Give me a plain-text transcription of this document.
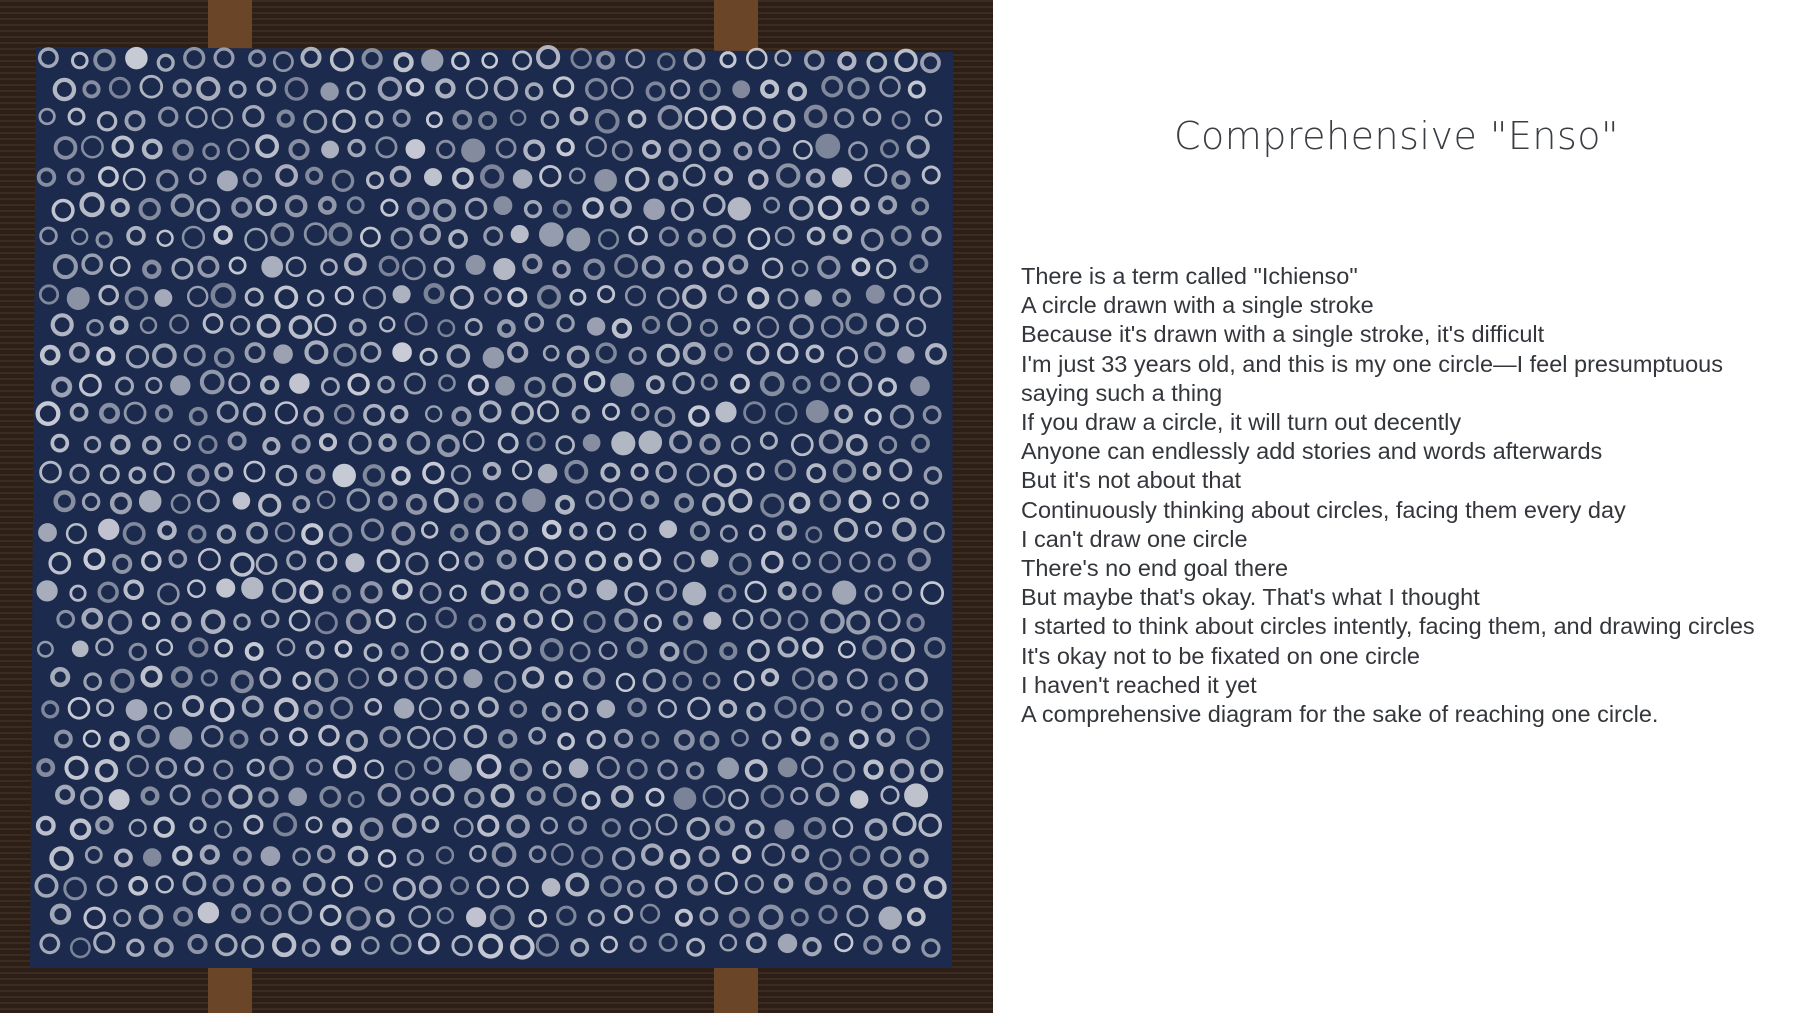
Comprehensive "Enso"
There is a term called "Ichienso"
A circle drawn with a single stroke
Because it's drawn with a single stroke, it's difficult
I'm just 33 years old, and this is my one circle—I feel presumptuous
saying such a thing
If you draw a circle, it will turn out decently
Anyone can endlessly add stories and words afterwards
But it's not about that
Continuously thinking about circles, facing them every day
I can't draw one circle
There's no end goal there
But maybe that's okay. That's what I thought
I started to think about circles intently, facing them, and drawing circles
It's okay not to be fixated on one circle
I haven't reached it yet
A comprehensive diagram for the sake of reaching one circle.
